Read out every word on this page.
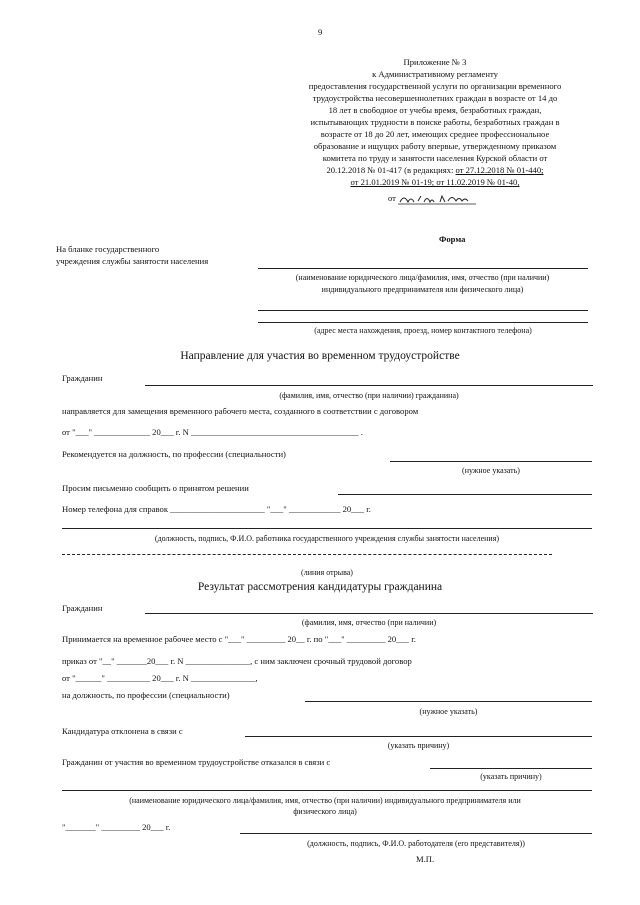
9
Приложение № 3
к Административному регламенту
предоставления государственной услуги по организации временного
трудоустройства несовершеннолетних граждан в возрасте от 14 до
18 лет в свободное от учебы время, безработных граждан,
испытывающих трудности в поиске работы, безработных граждан в
возрасте от 18 до 20 лет, имеющих среднее профессиональное
образование и ищущих работу впервые, утвержденному приказом
комитета по труду и занятости населения Курской области от
20.12.2018 № 01-417 (в редакциях: от 27.12.2018 № 01-440;
от 21.01.2019 № 01-19; от 11.02.2019 № 01-40,
от
Форма
На бланке государственного
учреждения службы занятости населения
(наименование юридического лица/фамилия, имя, отчество (при наличии)
индивидуального предпринимателя или физического лица)
(адрес места нахождения, проезд, номер контактного телефона)
Направление для участия во временном трудоустройстве
Гражданин
(фамилия, имя, отчество (при наличии) гражданина)
направляется для замещения временного рабочего места, созданного в соответствии с договором
от "___" _____________ 20___ г. N _______________________________________ .
Рекомендуется на должность, по профессии (специальности)
(нужное указать)
Просим письменно сообщить о принятом решении
Номер телефона для справок ______________________ "___" ____________ 20___ г.
(должность, подпись, Ф.И.О. работника государственного учреждения службы занятости населения)
(линия отрыва)
Результат рассмотрения кандидатуры гражданина
Гражданин
(фамилия, имя, отчество (при наличии)
Принимается на временное рабочее место с "___" _________ 20__ г. по "___" _________ 20___ г.
приказ от "__" _______20___ г. N _______________, с ним заключен срочный трудовой договор
от "______" __________ 20___ г. N _______________,
на должность, по профессии (специальности)
(нужное указать)
Кандидатура отклонена в связи с
(указать причину)
Гражданин от участия во временном трудоустройстве отказался в связи с
(указать причину)
(наименование юридического лица/фамилия, имя, отчество (при наличии) индивидуального предпринимателя или
физического лица)
"_______" _________ 20___ г.
(должность, подпись, Ф.И.О. работодателя (его представителя))
М.П.
